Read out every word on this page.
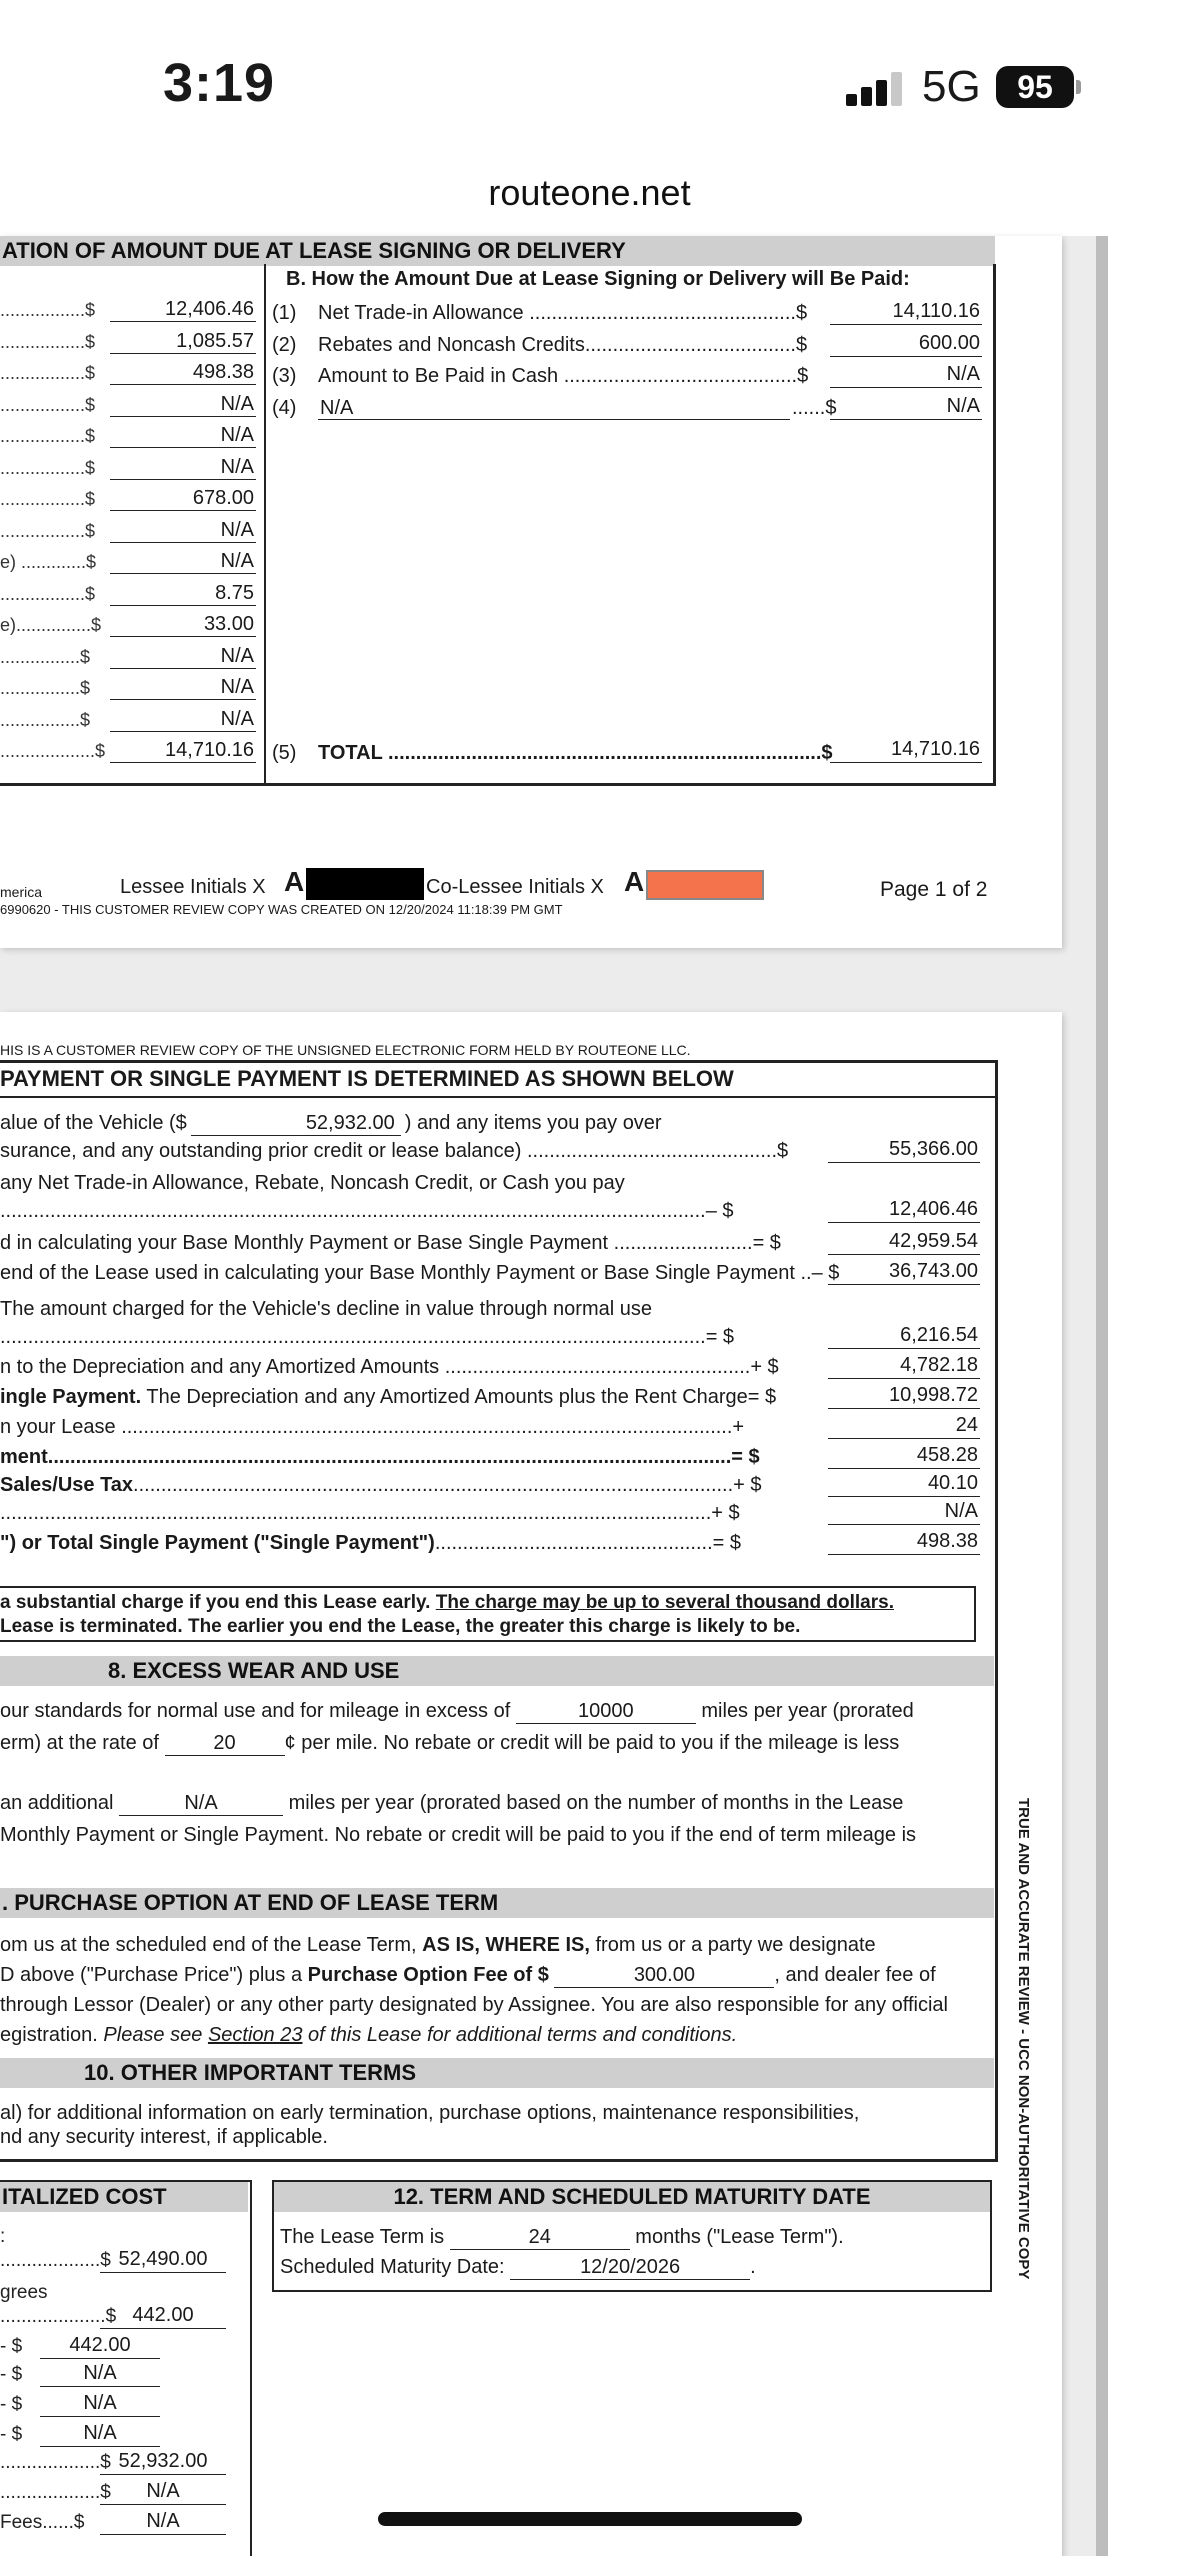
3:19	5G	95
routeone.net
ATION OF AMOUNT DUE AT LEASE SIGNING OR DELIVERY
.................$	12,406.46
.................$	1,085.57
.................$	498.38
.................$	N/A
.................$	N/A
.................$	N/A
.................$	678.00
.................$	N/A
e) .............$	N/A
.................$	8.75
e)...............$	33.00
................$	N/A
................$	N/A
................$	N/A
...................$	14,710.16
B. How the Amount Due at Lease Signing or Delivery will Be Paid:
(1) Net Trade-in Allowance ................................................$	14,110.16
(2) Rebates and Noncash Credits......................................$	600.00
(3) Amount to Be Paid in Cash ..........................................$	N/A
(4) N/A	......$	N/A
(5) TOTAL ..............................................................................$	14,710.16
merica	Lessee Initials X A	Co-Lessee Initials X A
6990620 - THIS CUSTOMER REVIEW COPY WAS CREATED ON 12/20/2024 11:18:39 PM GMT
Page 1 of 2
HIS IS A CUSTOMER REVIEW COPY OF THE UNSIGNED ELECTRONIC FORM HELD BY ROUTEONE LLC.
PAYMENT OR SINGLE PAYMENT IS DETERMINED AS SHOWN BELOW
alue of the Vehicle ($	52,932.00 ) and any items you pay over
surance, and any outstanding prior credit or lease balance) .............................................$	55,366.00
any Net Trade-in Allowance, Rebate, Noncash Credit, or Cash you pay
...............................................................................................................................– $	12,406.46
d in calculating your Base Monthly Payment or Base Single Payment .........................= $	42,959.54
end of the Lease used in calculating your Base Monthly Payment or Base Single Payment ..– $	36,743.00
The amount charged for the Vehicle's decline in value through normal use
...............................................................................................................................= $	6,216.54
n to the Depreciation and any Amortized Amounts .......................................................+ $	4,782.18
ingle Payment. The Depreciation and any Amortized Amounts plus the Rent Charge= $	10,998.72
n your Lease ..............................................................................................................+	24
ment...........................................................................................................................= $	458.28
Sales/Use Tax............................................................................................................+ $	40.10
................................................................................................................................+ $	N/A
") or Total Single Payment ("Single Payment")..................................................= $	498.38
a substantial charge if you end this Lease early. The charge may be up to several thousand dollars.
Lease is terminated. The earlier you end the Lease, the greater this charge is likely to be.
8. EXCESS WEAR AND USE
our standards for normal use and for mileage in excess of	10000	miles per year (prorated
erm) at the rate of	20 ¢ per mile. No rebate or credit will be paid to you if the mileage is less
an additional	N/A	miles per year (prorated based on the number of months in the Lease
Monthly Payment or Single Payment. No rebate or credit will be paid to you if the end of term mileage is
. PURCHASE OPTION AT END OF LEASE TERM
om us at the scheduled end of the Lease Term, AS IS, WHERE IS, from us or a party we designate
D above ("Purchase Price") plus a Purchase Option Fee of $	300.00	, and dealer fee of
through Lessor (Dealer) or any other party designated by Assignee. You are also responsible for any official
egistration. Please see Section 23 of this Lease for additional terms and conditions.
10. OTHER IMPORTANT TERMS
al) for additional information on early termination, purchase options, maintenance responsibilities,
nd any security interest, if applicable.
ITALIZED COST
:
...................$ 52,490.00
grees
....................$ 442.00
- $	442.00
- $	N/A
- $	N/A
- $	N/A
...................$ 52,932.00
...................$	N/A
Fees......$	N/A
12. TERM AND SCHEDULED MATURITY DATE
The Lease Term is	24	months ("Lease Term").
Scheduled Maturity Date:	12/20/2026	.	TRUE AND ACCURATE REVIEW - UCC NON-AUTHORITATIVE COPY
